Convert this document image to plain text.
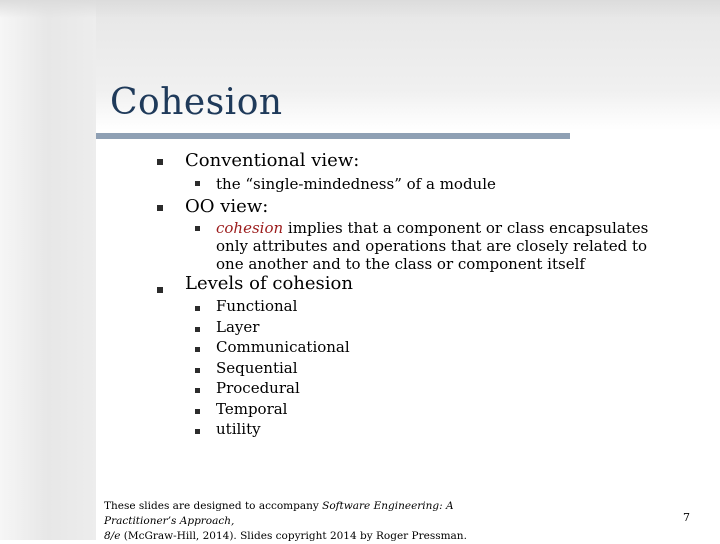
Cohesion
Conventional view:
the “single-mindedness” of a module
OO view:
cohesion implies that a component or class encapsulates
only attributes and operations that are closely related to
one another and to the class or component itself
Levels of cohesion
Functional
Layer
Communicational
Sequential
Procedural
Temporal
utility
These slides are designed to accompany Software Engineering: A Practitioner’s Approach,
8/e (McGraw-Hill, 2014). Slides copyright 2014 by Roger Pressman.
7
